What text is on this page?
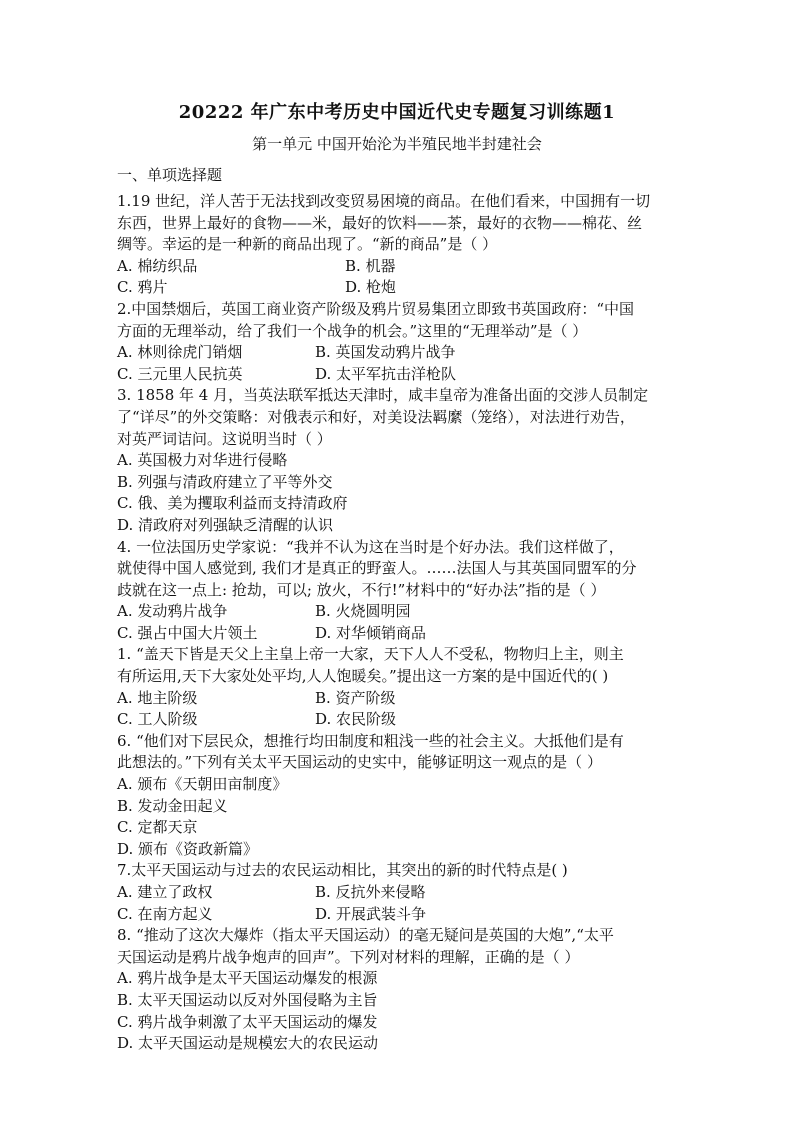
20222 年广东中考历史中国近代史专题复习训练题1
第一单元 中国开始沦为半殖民地半封建社会
一、单项选择题

1.19 世纪，洋人苦于无法找到改变贸易困境的商品。在他们看来，中国拥有一切

东西，世界上最好的食物——米，最好的饮料——茶，最好的衣物——棉花、丝

绸等。幸运的是一种新的商品出现了。“新的商品”是（ ）

A. 棉纺织品	B. 机器
C. 鸦片	D. 枪炮

2.中国禁烟后，英国工商业资产阶级及鸦片贸易集团立即致书英国政府：“中国

方面的无理举动，给了我们一个战争的机会。”这里的“无理举动”是（ ）

A. 林则徐虎门销烟	B. 英国发动鸦片战争
C. 三元里人民抗英	D. 太平军抗击洋枪队

3. 1858 年 4 月，当英法联军抵达天津时，咸丰皇帝为准备出面的交涉人员制定

了“详尽”的外交策略：对俄表示和好，对美设法羁縻（笼络），对法进行劝告，

对英严词诘问。这说明当时（ ）

A. 英国极力对华进行侵略

B. 列强与清政府建立了平等外交

C. 俄、美为攫取利益而支持清政府

D. 清政府对列强缺乏清醒的认识

4. 一位法国历史学家说：“我并不认为这在当时是个好办法。我们这样做了，

就使得中国人感觉到, 我们才是真正的野蛮人。……法国人与其英国同盟军的分

歧就在这一点上: 抢劫，可以; 放火，不行!”材料中的“好办法”指的是（ ）

A. 发动鸦片战争	B. 火烧圆明园
C. 强占中国大片领土	D. 对华倾销商品

1. “盖天下皆是天父上主皇上帝一大家，天下人人不受私，物物归上主，则主

有所运用,天下大家处处平均,人人饱暖矣。”提出这一方案的是中国近代的( )

A. 地主阶级	B. 资产阶级
C. 工人阶级	D. 农民阶级

6. “他们对下层民众，想推行均田制度和粗浅一些的社会主义。大抵他们是有

此想法的。”下列有关太平天国运动的史实中，能够证明这一观点的是（ ）

A. 颁布《天朝田亩制度》

B. 发动金田起义

C. 定都天京

D. 颁布《资政新篇》

7.太平天国运动与过去的农民运动相比，其突出的新的时代特点是( )

A. 建立了政权	B. 反抗外来侵略
C. 在南方起义	D. 开展武装斗争

8. “推动了这次大爆炸（指太平天国运动）的毫无疑问是英国的大炮”,“太平

天国运动是鸦片战争炮声的回声”。下列对材料的理解，正确的是（ ）

A. 鸦片战争是太平天国运动爆发的根源

B. 太平天国运动以反对外国侵略为主旨

C. 鸦片战争刺激了太平天国运动的爆发

D. 太平天国运动是规模宏大的农民运动
